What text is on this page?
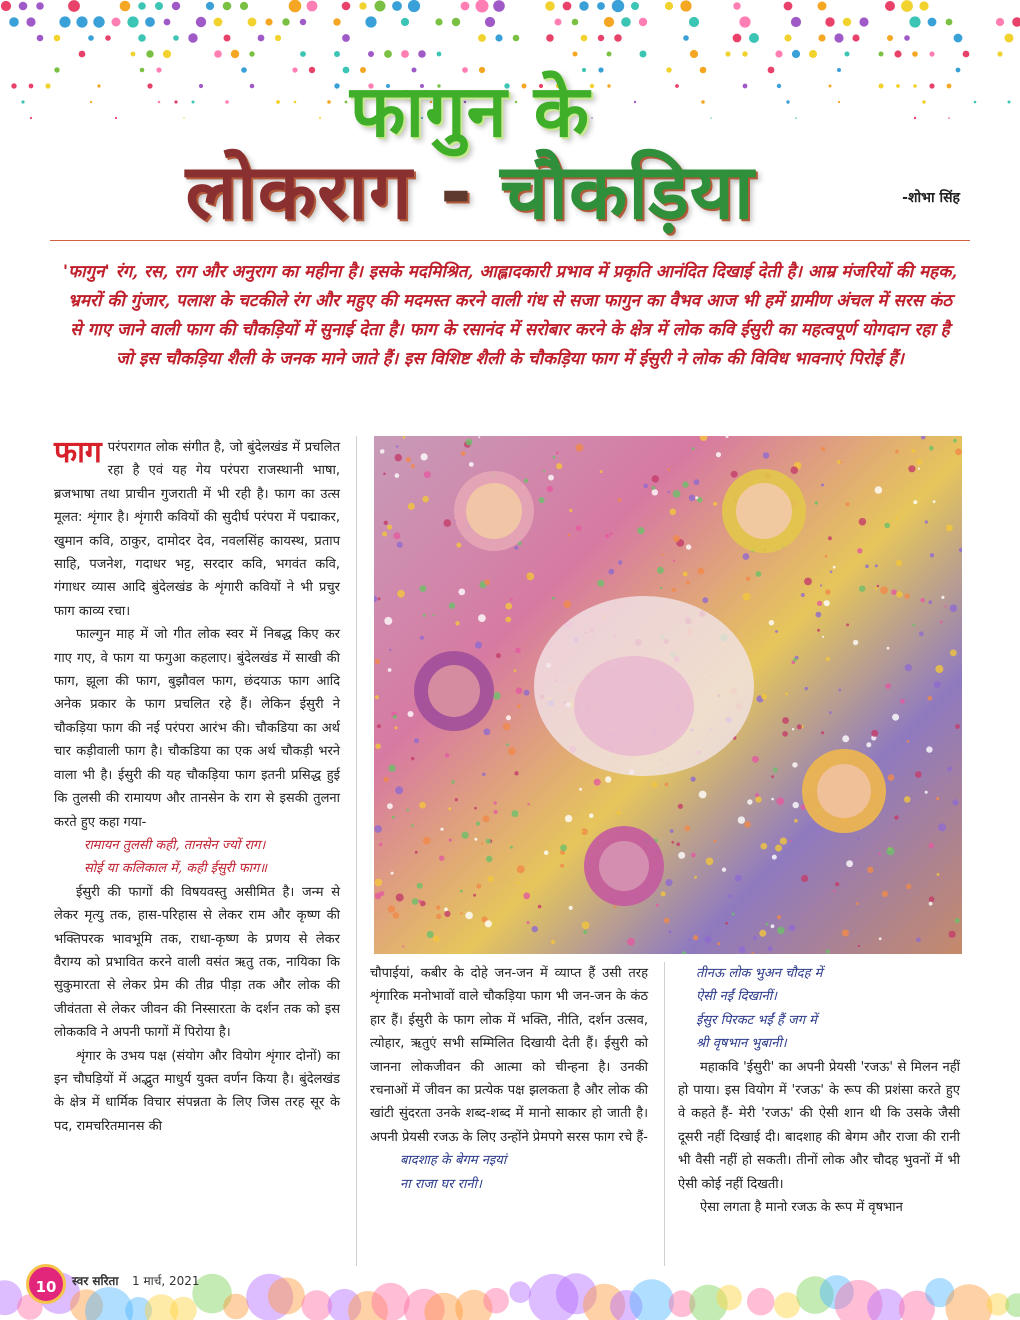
फागुन के
लोकराग - चौकड़िया	-शोभा सिंह
'फागुन' रंग, रस, राग और अनुराग का महीना है। इसके मदमिश्रित, आह्लादकारी प्रभाव में प्रकृति आनंदित दिखाई देती है। आम्र मंजरियों की महक, भ्रमरों की गुंजार, पलाश के चटकीले रंग और महुए की मदमस्त करने वाली गंध से सजा फागुन का वैभव आज भी हमें ग्रामीण अंचल में सरस कंठ से गाए जाने वाली फाग की चौकड़ियों में सुनाई देता है। फाग के रसानंद में सरोबार करने के क्षेत्र में लोक कवि ईसुरी का महत्वपूर्ण योगदान रहा है जो इस चौकड़िया शैली के जनक माने जाते हैं। इस विशिष्ट शैली के चौकड़िया फाग में ईसुरी ने लोक की विविध भावनाएं पिरोई हैं।

फाग परंपरागत लोक संगीत है, जो बुंदेलखंड में प्रचलित रहा है एवं यह गेय परंपरा राजस्थानी भाषा, ब्रजभाषा तथा प्राचीन गुजराती में भी रही है। फाग का उत्स मूलत: शृंगार है। शृंगारी कवियों की सुदीर्घ परंपरा में पद्माकर, खुमान कवि, ठाकुर, दामोदर देव, नवलसिंह कायस्थ, प्रताप साहि, पजनेश, गदाधर भट्ट, सरदार कवि, भगवंत कवि, गंगाधर व्यास आदि बुंदेलखंड के शृंगारी कवियों ने भी प्रचुर फाग काव्य रचा।

फाल्गुन माह में जो गीत लोक स्वर में निबद्ध किए कर गाए गए, वे फाग या फगुआ कहलाए। बुंदेलखंड में साखी की फाग, झूला की फाग, बुझौवल फाग, छंदयाऊ फाग आदि अनेक प्रकार के फाग प्रचलित रहे हैं। लेकिन ईसुरी ने चौकड़िया फाग की नई परंपरा आरंभ की। चौकडिया का अर्थ चार कड़ीवाली फाग है। चौकडिया का एक अर्थ चौकड़ी भरने वाला भी है। ईसुरी की यह चौकड़िया फाग इतनी प्रसिद्ध हुई कि तुलसी की रामायण और तानसेन के राग से इसकी तुलना करते हुए कहा गया-

रामायन तुलसी कही, तानसेन ज्यों राग।
सोई या कलिकाल में, कही ईसुरी फाग॥

ईसुरी की फागों की विषयवस्तु असीमित है। जन्म से लेकर मृत्यु तक, हास-परिहास से लेकर राम और कृष्ण की भक्तिपरक भावभूमि तक, राधा-कृष्ण के प्रणय से लेकर वैराग्य को प्रभावित करने वाली वसंत ऋतु तक, नायिका कि सुकुमारता से लेकर प्रेम की तीव्र पीड़ा तक और लोक की जीवंतता से लेकर जीवन की निस्सारता के दर्शन तक को इस लोककवि ने अपनी फागों में पिरोया है।

शृंगार के उभय पक्ष (संयोग और वियोग शृंगार दोनों) का इन चौघड़ियों में अद्भुत माधुर्य युक्त वर्णन किया है। बुंदेलखंड के क्षेत्र में धार्मिक विचार संपन्नता के लिए जिस तरह सूर के पद, रामचरितमानस की

चौपाईयां, कबीर के दोहे जन-जन में व्याप्त हैं उसी तरह शृंगारिक मनोभावों वाले चौकड़िया फाग भी जन-जन के कंठ हार हैं। ईसुरी के फाग लोक में भक्ति, नीति, दर्शन उत्सव, त्योहार, ऋतुएं सभी सम्मिलित दिखायी देती हैं। ईसुरी को जानना लोकजीवन की आत्मा को चीन्हना है। उनकी रचनाओं में जीवन का प्रत्येक पक्ष झलकता है और लोक की खांटी सुंदरता उनके शब्द-शब्द में मानो साकार हो जाती है। अपनी प्रेयसी रजऊ के लिए उन्होंने प्रेमपगे सरस फाग रचे हैं-

बादशाह के बेगम नइयां
ना राजा घर रानी।
तीनऊ लोक भुअन चौदह में
ऐसी नईं दिखानीं।
ईसुर पिरकट भईं हैं जग में
श्री वृषभान भुबानी।

महाकवि 'ईसुरी' का अपनी प्रेयसी 'रजऊ' से मिलन नहीं हो पाया। इस वियोग में 'रजऊ' के रूप की प्रशंसा करते हुए वे कहते हैं- मेरी 'रजऊ' की ऐसी शान थी कि उसके जैसी दूसरी नहीं दिखाई दी। बादशाह की बेगम और राजा की रानी भी वैसी नहीं हो सकती। तीनों लोक और चौदह भुवनों में भी ऐसी कोई नहीं दिखती।

ऐसा लगता है मानो रजऊ के रूप में वृषभान

10	स्वर सरिता 1 मार्च, 2021
